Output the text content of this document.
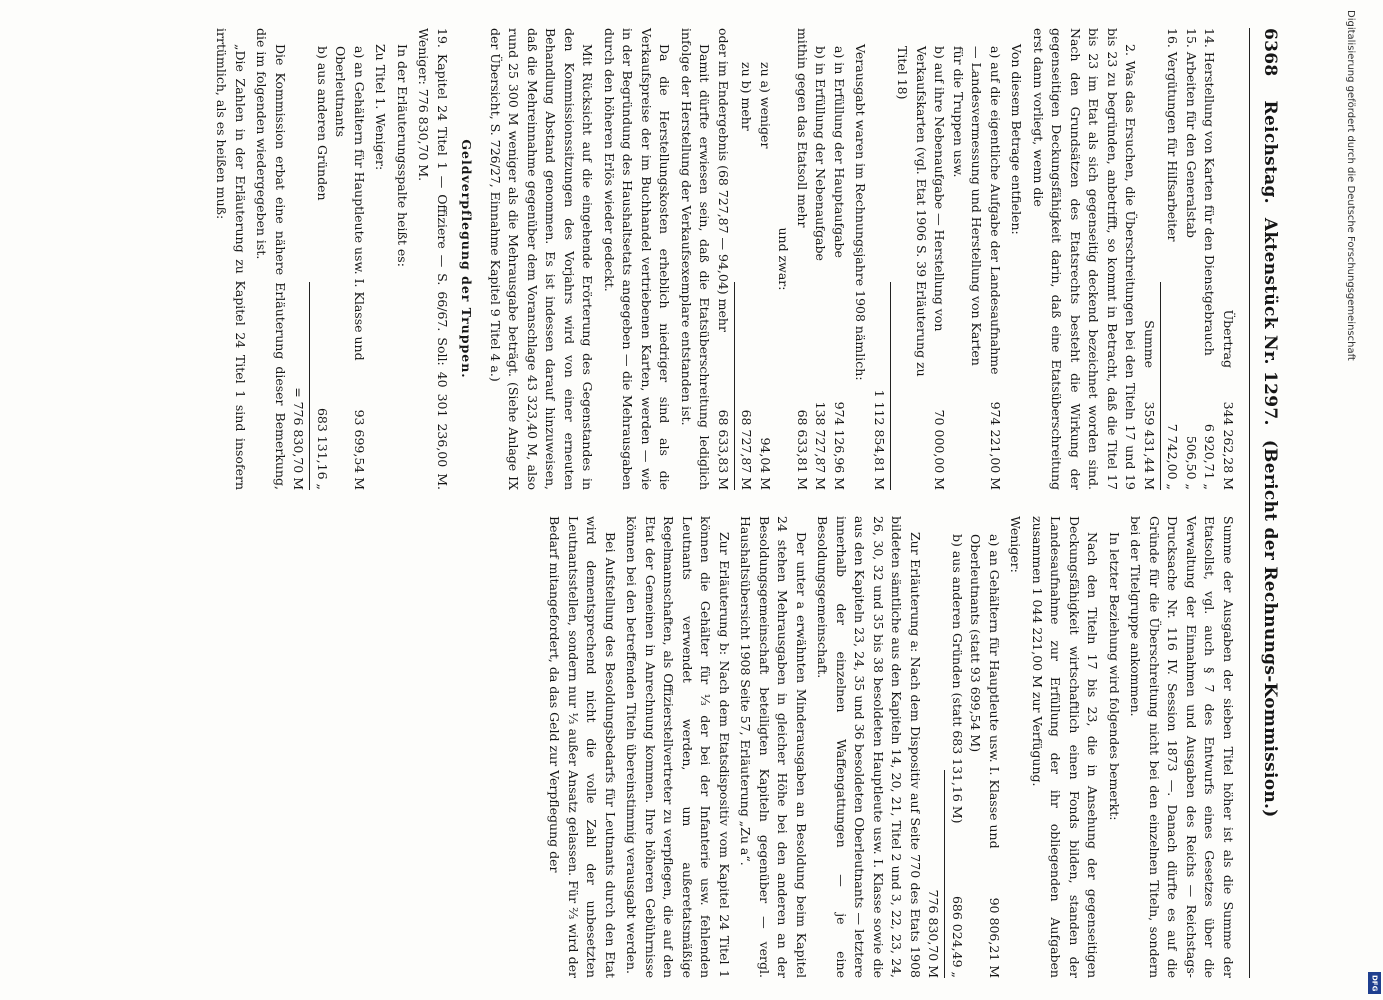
6368
Reichstag.
Aktenstück Nr. 1297.
(Bericht der Rechnungs-Kommission.)
Übertrag
344 262,28 M
14. Herstellung von Karten für den Dienstgebrauch
6 920,71 „
15. Arbeiten für den Generalstab
506,50 „
16. Vergütungen für Hilfsarbeiter
7 742,00 „
Summe
359 431,44 M

2. Was das Ersuchen, die Überschreitungen bei den Titeln 17 und 19 bis 23 zu begründen, anbetrifft, so kommt in Betracht, daß die Titel 17 bis 23 im Etat als sich gegenseitig deckend bezeichnet worden sind. Nach den Grundsätzen des Etatsrechts besteht die Wirkung der gegenseitigen Deckungsfähigkeit darin, daß eine Etatsüberschreitung erst dann vorliegt, wenn die

Von diesem Betrage entfielen:

a) auf die eigentliche Aufgabe der Landesaufnahme — Landesvermessung und Herstellung von Karten für die Truppen usw.
974 221,00 M
b) auf ihre Nebenaufgabe — Herstellung von Verkaufskarten (vgl. Etat 1906 S. 39 Erläuterung zu Titel 18)
70 000,00 M
1 112 854,81 M

Verausgabt waren im Rechnungsjahre 1908 nämlich:

a) in Erfüllung der Hauptaufgabe
974 126,96 M
b) in Erfüllung der Nebenaufgabe
138 727,87 M
mithin gegen das Etatsoll mehr
68 633,81 M
und zwar:
zu a) weniger
94,04 M
zu b) mehr
68 727,87 M
oder im Endergebnis (68 727,87 — 94,04) mehr
68 633,83 M

Damit dürfte erwiesen sein, daß die Etatsüberschreitung lediglich infolge der Herstellung der Verkaufsexemplare entstanden ist.

Da die Herstellungskosten erheblich niedriger sind als die Verkaufspreise der im Buchhandel vertriebenen Karten, werden — wie in der Begründung des Haushaltsetats angegeben — die Mehrausgaben durch den höheren Erlös wieder gedeckt.

Mit Rücksicht auf die eingehende Erörterung des Gegenstandes in den Kommissionssitzungen des Vorjahrs wird von einer erneuten Behandlung Abstand genommen. Es ist indessen darauf hinzuweisen, daß die Mehreinnahme gegenüber dem Voranschlage 43 323,40 M, also rund 25 300 M weniger als die Mehrausgabe beträgt. (Siehe Anlage IX der Übersicht, S. 726/27, Einnahme Kapitel 9 Titel 4 a.)

Geldverpflegung der Truppen.

19. Kapitel 24 Titel 1 — Offiziere — S. 66/67. Soll: 40 301 236,00 M. Weniger: 776 830,70 M.

In der Erläuterungsspalte heißt es:

Zu Titel 1. Weniger:

a) an Gehältern für Hauptleute usw. I. Klasse und Oberleutnants
93 699,54 M
b) aus anderen Gründen
683 131,16 „
= 776 830,70 M

Die Kommission erbat eine nähere Erläuterung dieser Bemerkung, die im folgenden wiedergegeben ist.

„Die Zahlen in der Erläuterung zu Kapitel 24 Titel 1 sind insofern irrtümlich, als es heißen muß:

Summe der Ausgaben der sieben Titel höher ist als die Summe der Etatsollst, vgl. auch § 7 des Entwurfs eines Gesetzes über die Verwaltung der Einnahmen und Ausgaben des Reichs — Reichstags-Drucksache Nr. 116 IV. Session 1873 —. Danach dürfte es auf die Gründe für die Überschreitung nicht bei den einzelnen Titeln, sondern bei der Titelgruppe ankommen.

In letzter Beziehung wird folgendes bemerkt:

Nach den Titeln 17 bis 23, die in Ansehung der gegenseitigen Deckungsfähigkeit wirtschaftlich einen Fonds bilden, standen der Landesaufnahme zur Erfüllung der ihr obliegenden Aufgaben zusammen 1 044 221,00 M zur Verfügung.

Weniger:

a) an Gehältern für Hauptleute usw. I. Klasse und Oberleutnants (statt 93 699,54 M)
90 806,21 M
b) aus anderen Gründen (statt 683 131,16 M)
686 024,49 „
776 830,70 M

Zur Erläuterung a: Nach dem Dispositiv auf Seite 770 des Etats 1908 bildeten sämtliche aus den Kapiteln 14, 20, 21, Titel 2 und 3, 22, 23, 24, 26, 30, 32 und 35 bis 38 besoldeten Hauptleute usw. I. Klasse sowie die aus den Kapiteln 23, 24, 35 und 36 besoldeten Oberleutnants — letztere innerhalb der einzelnen Waffengattungen — je eine Besoldungsgemeinschaft.

Der unter a erwähnten Minderausgaben an Besoldung beim Kapitel 24 stehen Mehrausgaben in gleicher Höhe bei den anderen an der Besoldungsgemeinschaft beteiligten Kapiteln gegenüber — vergl. Haushaltsübersicht 1908 Seite 57, Erläuterung „Zu a“.

Zur Erläuterung b: Nach dem Etatsdispositiv vom Kapitel 24 Titel 1 können die Gehälter für ⅓ der bei der Infanterie usw. fehlenden Leutnants verwendet werden, um außeretatsmäßige Regelmannschaften, als Offizierstellvertreter zu verpflegen, die auf den Etat der Gemeinen in Anrechnung kommen. Ihre höheren Gebührnisse können bei den betreffenden Titeln übereinstimmig verausgabt werden.

Bei Aufstellung des Besoldungsbedarfs für Leutnants durch den Etat wird dementsprechend nicht die volle Zahl der unbesetzten Leutnantsstellen, sondern nur ⅓ außer Ansatz gelassen. Für ⅔ wird der Bedarf mitangefordert, da das Geld zur Verpflegung der

Digitalisierung gefördert durch die Deutsche Forschungsgemeinschaft
DFG
